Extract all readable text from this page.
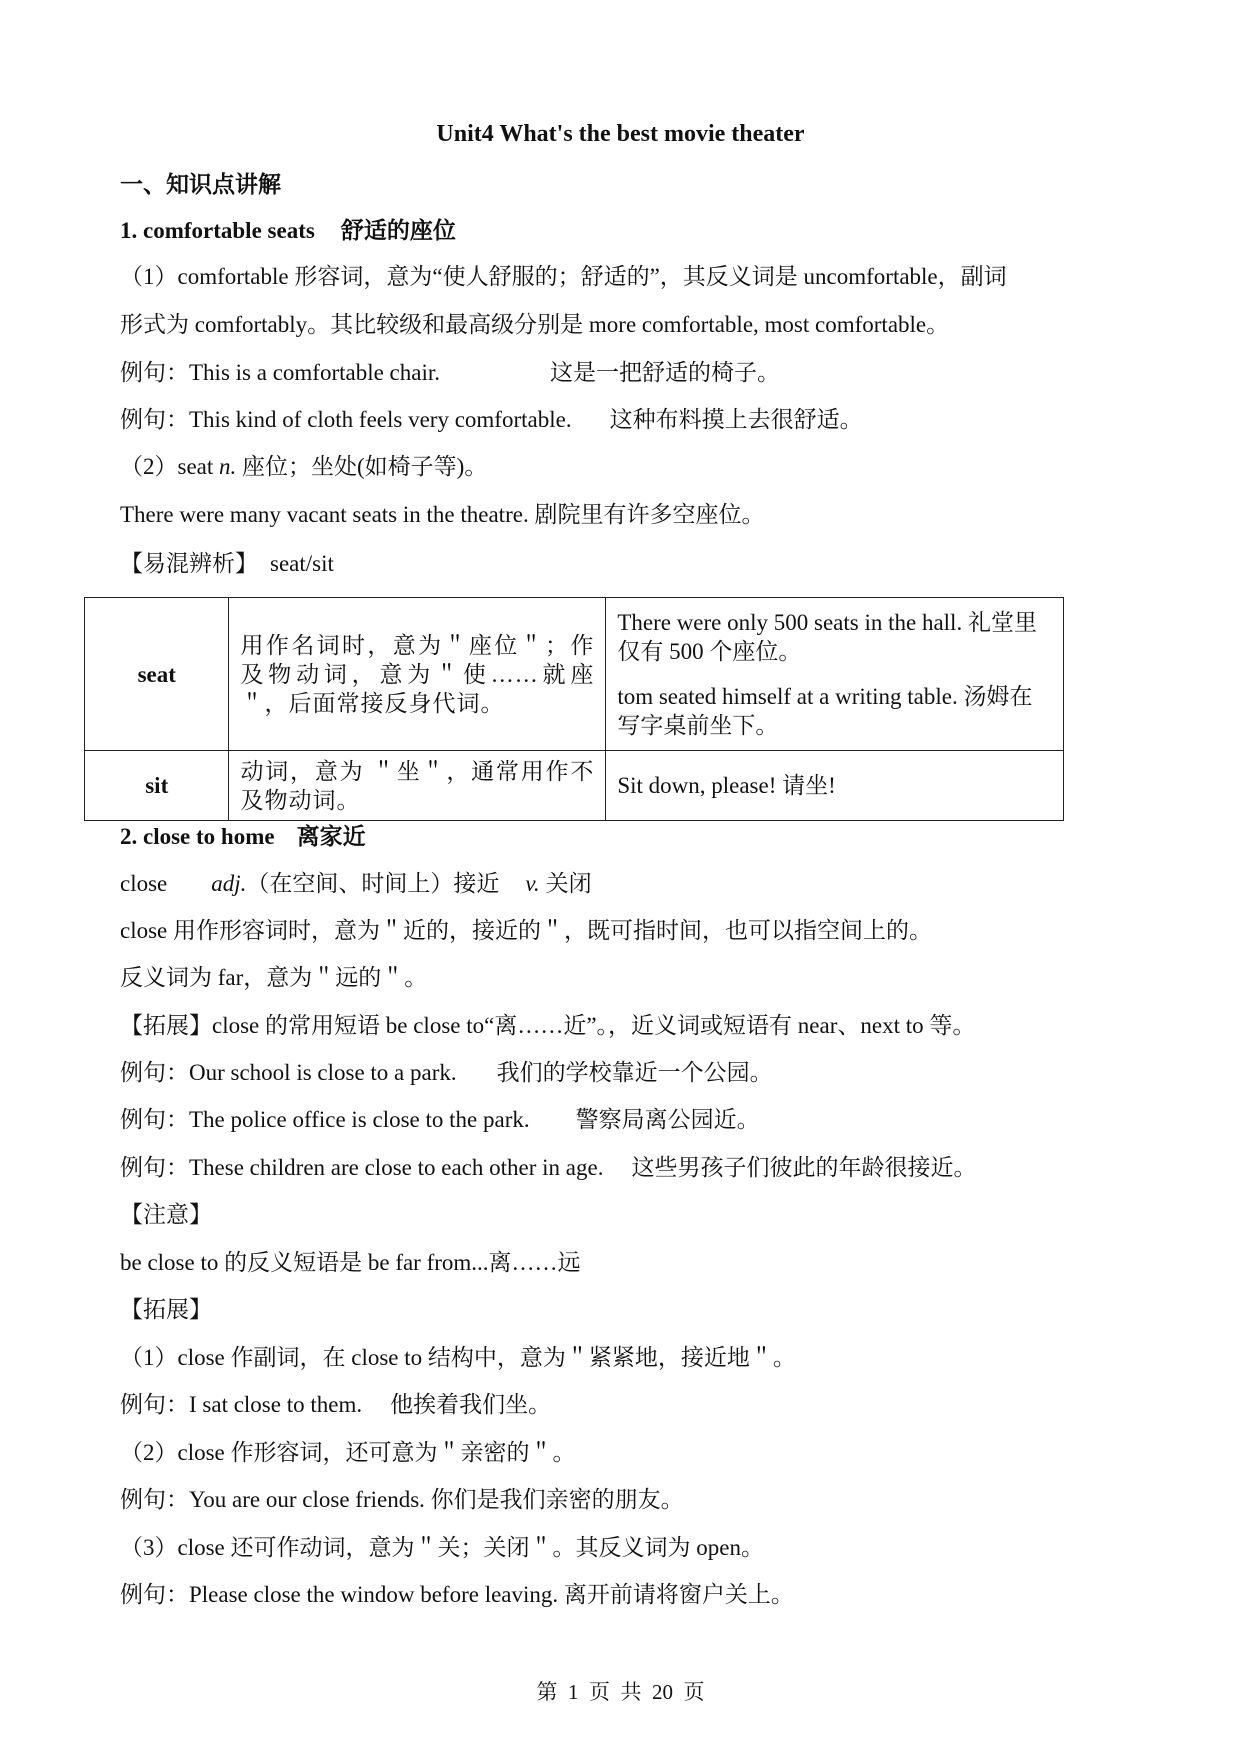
Unit4 What's the best movie theater
一、知识点讲解
1. comfortable seats 舒适的座位
（1）comfortable 形容词，意为“使人舒服的；舒适的”，其反义词是 uncomfortable，副词
形式为 comfortably。其比较级和最高级分别是 more comfortable, most comfortable。
例句：This is a comfortable chair.	这是一把舒适的椅子。
例句：This kind of cloth feels very comfortable. 这种布料摸上去很舒适。
（2）seat n. 座位；坐处(如椅子等)。
There were many vacant seats in the theatre. 剧院里有许多空座位。
【易混辨析】 seat/sit
seat	用作名词时，意为＂座位＂；作及物动词，意为＂使……就座＂，后面常接反身代词。	There were only 500 seats in the hall. 礼堂里仅有 500 个座位。
tom seated himself at a writing table. 汤姆在写字桌前坐下。

sit	动词，意为 ＂坐＂，通常用作不及物动词。	Sit down, please! 请坐!
2. close to home 离家近
close adj.（在空间、时间上）接近 v. 关闭
close 用作形容词时，意为＂近的，接近的＂，既可指时间，也可以指空间上的。
反义词为 far，意为＂远的＂。
【拓展】close 的常用短语 be close to“离……近”。，近义词或短语有 near、next to 等。
例句：Our school is close to a park. 我们的学校靠近一个公园。
例句：The police office is close to the park. 警察局离公园近。
例句：These children are close to each other in age. 这些男孩子们彼此的年龄很接近。
【注意】
be close to 的反义短语是 be far from...离……远
【拓展】
（1）close 作副词，在 close to 结构中，意为＂紧紧地，接近地＂。
例句：I sat close to them. 他挨着我们坐。
（2）close 作形容词，还可意为＂亲密的＂。
例句：You are our close friends. 你们是我们亲密的朋友。
（3）close 还可作动词，意为＂关；关闭＂。其反义词为 open。
例句：Please close the window before leaving. 离开前请将窗户关上。
第  1  页  共  20  页
